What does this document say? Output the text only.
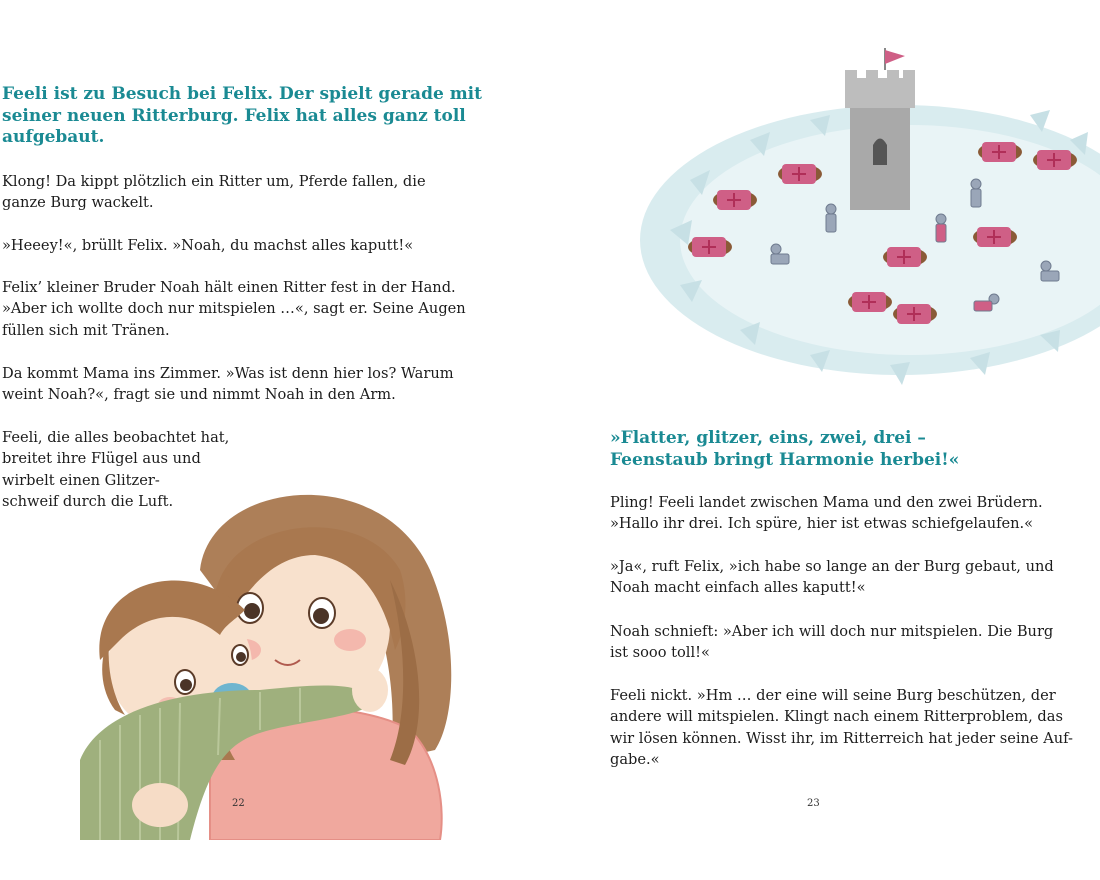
Feeli ist zu Besuch bei Felix. Der spielt gerade mit
seiner neuen Ritterburg. Felix hat alles ganz toll
aufgebaut.

Klong! Da kippt plötzlich ein Ritter um, Pferde fallen, die
ganze Burg wackelt.

»Heeey!«, brüllt Felix. »Noah, du machst alles kaputt!«

Felix’ kleiner Bruder Noah hält einen Ritter fest in der Hand.
»Aber ich wollte doch nur mitspielen …«, sagt er. Seine Augen
füllen sich mit Tränen.

Da kommt Mama ins Zimmer. »Was ist denn hier los? Warum
weint Noah?«, fragt sie und nimmt Noah in den Arm.

Feeli, die alles beobachtet hat,
breitet ihre Flügel aus und
wirbelt einen Glitzer-
schweif durch die Luft.

22
»Flatter, glitzer, eins, zwei, drei –
Feenstaub bringt Harmonie herbei!«

Pling! Feeli landet zwischen Mama und den zwei Brüdern.
»Hallo ihr drei. Ich spüre, hier ist etwas schiefgelaufen.«

»Ja«, ruft Felix, »ich habe so lange an der Burg gebaut, und
Noah macht einfach alles kaputt!«

Noah schnieft: »Aber ich will doch nur mitspielen. Die Burg
ist sooo toll!«

Feeli nickt. »Hm … der eine will seine Burg beschützen, der
andere will mitspielen. Klingt nach einem Ritterproblem, das
wir lösen können. Wisst ihr, im Ritterreich hat jeder seine Auf-
gabe.«

23
